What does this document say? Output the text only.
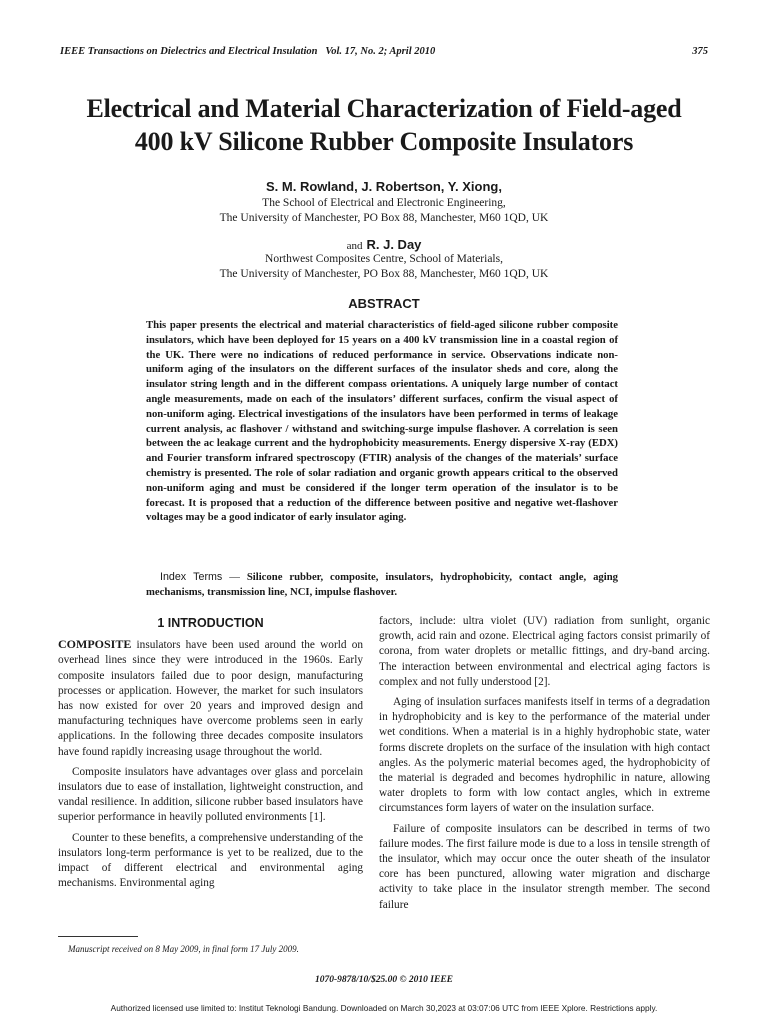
IEEE Transactions on Dielectrics and Electrical Insulation Vol. 17, No. 2; April 2010	375
Electrical and Material Characterization of Field-aged
400 kV Silicone Rubber Composite Insulators
S. M. Rowland, J. Robertson, Y. Xiong,
The School of Electrical and Electronic Engineering,
The University of Manchester, PO Box 88, Manchester, M60 1QD, UK
and R. J. Day
Northwest Composites Centre, School of Materials,
The University of Manchester, PO Box 88, Manchester, M60 1QD, UK
ABSTRACT

This paper presents the electrical and material characteristics of field-aged silicone rubber composite insulators, which have been deployed for 15 years on a 400 kV transmission line in a coastal region of the UK. There were no indications of reduced performance in service. Observations indicate non-uniform aging of the insulators on the different surfaces of the insulator sheds and core, along the insulator string length and in the different compass orientations. A uniquely large number of contact angle measurements, made on each of the insulators’ different surfaces, confirm the visual aspect of non-uniform aging. Electrical investigations of the insulators have been performed in terms of leakage current analysis, ac flashover / withstand and switching-surge impulse flashover. A correlation is seen between the ac leakage current and the hydrophobicity measurements. Energy dispersive X-ray (EDX) and Fourier transform infrared spectroscopy (FTIR) analysis of the changes of the materials’ surface chemistry is presented. The role of solar radiation and organic growth appears critical to the observed non-uniform aging and must be considered if the longer term operation of the insulator is to be forecast. It is proposed that a reduction of the difference between positive and negative wet-flashover voltages may be a good indicator of early insulator aging.

Index Terms — Silicone rubber, composite, insulators, hydrophobicity, contact angle, aging mechanisms, transmission line, NCI, impulse flashover.

1 INTRODUCTION

COMPOSITE insulators have been used around the world on overhead lines since they were introduced in the 1960s. Early composite insulators failed due to poor design, manufacturing processes or application. However, the market for such insulators has now existed for over 20 years and improved design and manufacturing techniques have overcome problems seen in early applications. In the following three decades composite insulators have found rapidly increasing usage throughout the world.

Composite insulators have advantages over glass and porcelain insulators due to ease of installation, lightweight construction, and vandal resilience. In addition, silicone rubber based insulators have superior performance in heavily polluted environments [1].

Counter to these benefits, a comprehensive understanding of the insulators long-term performance is yet to be realized, due to the impact of different electrical and environmental aging mechanisms. Environmental aging

factors, include: ultra violet (UV) radiation from sunlight, organic growth, acid rain and ozone. Electrical aging factors consist primarily of corona, from water droplets or metallic fittings, and dry-band arcing. The interaction between environmental and electrical aging factors is complex and not fully understood [2].

Aging of insulation surfaces manifests itself in terms of a degradation in hydrophobicity and is key to the performance of the material under wet conditions. When a material is in a highly hydrophobic state, water forms discrete droplets on the surface of the insulation with high contact angles. As the polymeric material becomes aged, the hydrophobicity of the material is degraded and becomes hydrophilic in nature, allowing water droplets to form with low contact angles, which in extreme circumstances form layers of water on the insulation surface.

Failure of composite insulators can be described in terms of two failure modes. The first failure mode is due to a loss in tensile strength of the insulator, which may occur once the outer sheath of the insulator core has been punctured, allowing water migration and discharge activity to take place in the insulator strength member. The second failure

Manuscript received on 8 May 2009, in final form 17 July 2009.
1070-9878/10/$25.00 © 2010 IEEE
Authorized licensed use limited to: Institut Teknologi Bandung. Downloaded on March 30,2023 at 03:07:06 UTC from IEEE Xplore. Restrictions apply.
